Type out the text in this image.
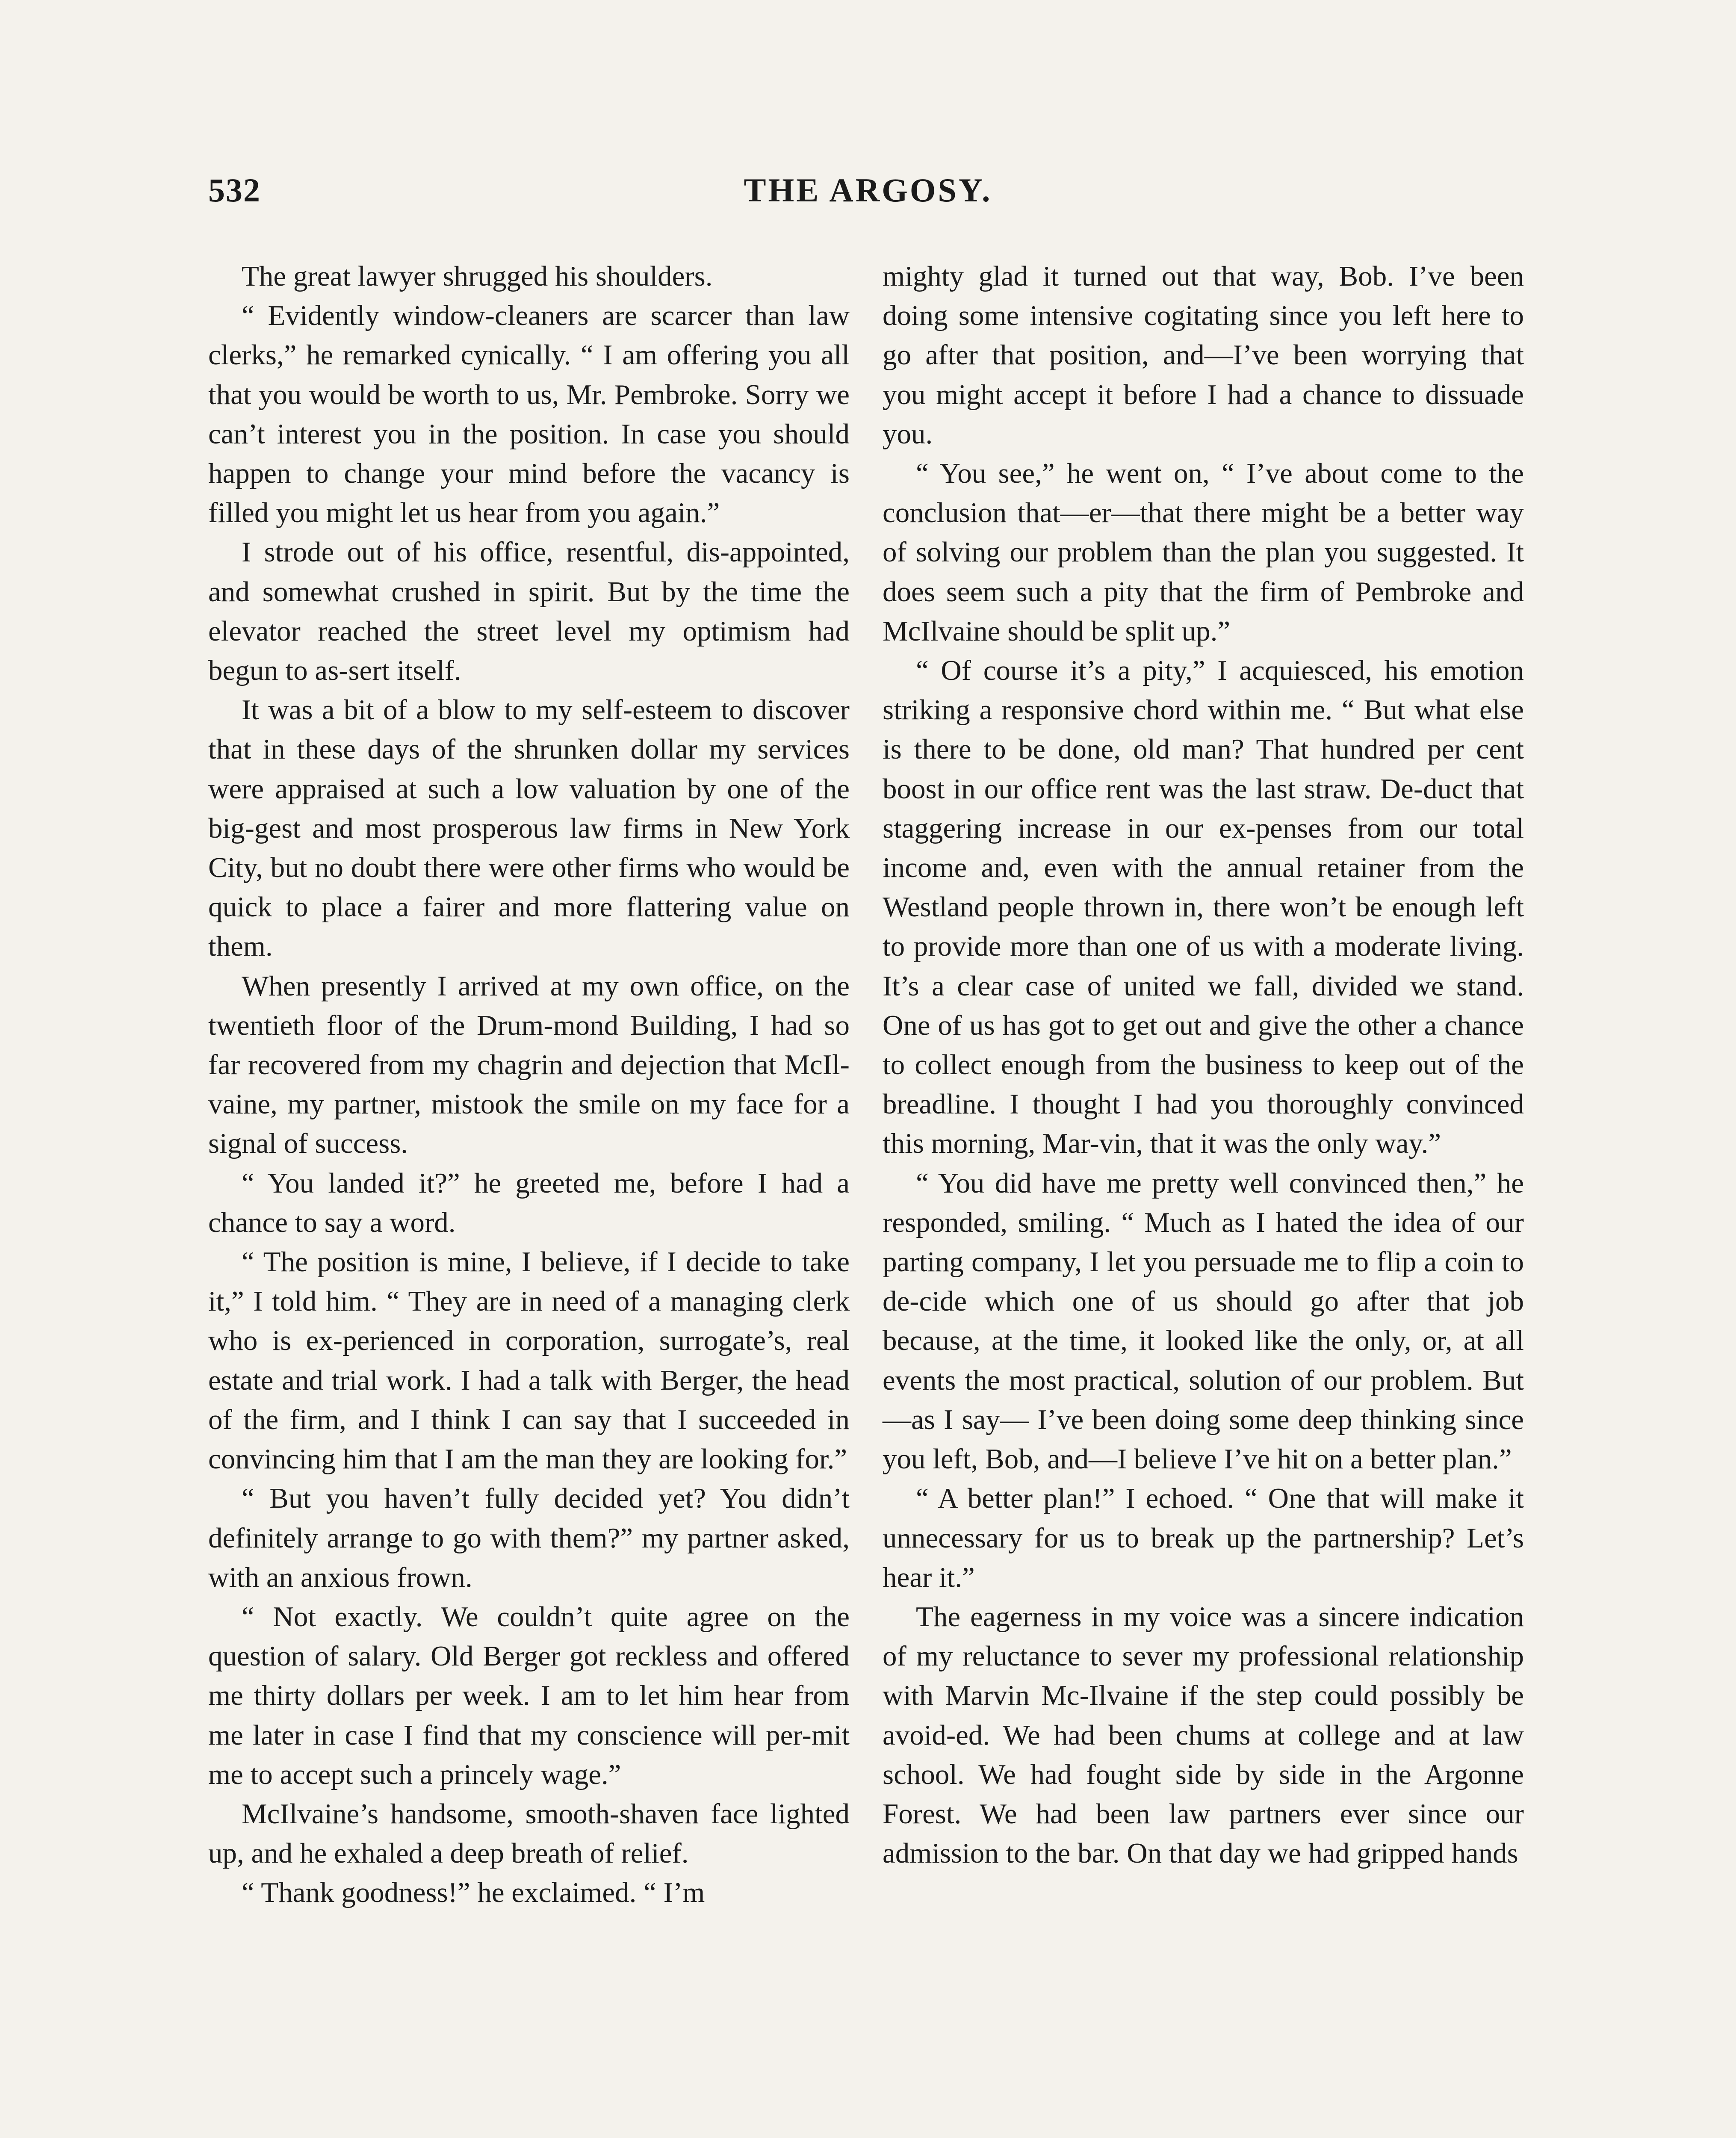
532	THE ARGOSY.

The great lawyer shrugged his shoulders.

“ Evidently window-cleaners are scarcer than law clerks,” he remarked cynically. “ I am offering you all that you would be worth to us, Mr. Pembroke. Sorry we can’t interest you in the position. In case you should happen to change your mind before the vacancy is filled you might let us hear from you again.”

I strode out of his office, resentful, dis-appointed, and somewhat crushed in spirit. But by the time the elevator reached the street level my optimism had begun to as-sert itself.

It was a bit of a blow to my self-esteem to discover that in these days of the shrunken dollar my services were appraised at such a low valuation by one of the big-gest and most prosperous law firms in New York City, but no doubt there were other firms who would be quick to place a fairer and more flattering value on them.

When presently I arrived at my own office, on the twentieth floor of the Drum-mond Building, I had so far recovered from my chagrin and dejection that McIl-vaine, my partner, mistook the smile on my face for a signal of success.

“ You landed it?” he greeted me, before I had a chance to say a word.

“ The position is mine, I believe, if I decide to take it,” I told him. “ They are in need of a managing clerk who is ex-perienced in corporation, surrogate’s, real estate and trial work. I had a talk with Berger, the head of the firm, and I think I can say that I succeeded in convincing him that I am the man they are looking for.”

“ But you haven’t fully decided yet? You didn’t definitely arrange to go with them?” my partner asked, with an anxious frown.

“ Not exactly. We couldn’t quite agree on the question of salary. Old Berger got reckless and offered me thirty dollars per week. I am to let him hear from me later in case I find that my conscience will per-mit me to accept such a princely wage.”

McIlvaine’s handsome, smooth-shaven face lighted up, and he exhaled a deep breath of relief.

“ Thank goodness!” he exclaimed. “ I’m

mighty glad it turned out that way, Bob. I’ve been doing some intensive cogitating since you left here to go after that position, and—I’ve been worrying that you might accept it before I had a chance to dissuade you.

“ You see,” he went on, “ I’ve about come to the conclusion that—er—that there might be a better way of solving our problem than the plan you suggested. It does seem such a pity that the firm of Pembroke and McIlvaine should be split up.”

“ Of course it’s a pity,” I acquiesced, his emotion striking a responsive chord within me. “ But what else is there to be done, old man? That hundred per cent boost in our office rent was the last straw. De-duct that staggering increase in our ex-penses from our total income and, even with the annual retainer from the Westland people thrown in, there won’t be enough left to provide more than one of us with a moderate living. It’s a clear case of united we fall, divided we stand. One of us has got to get out and give the other a chance to collect enough from the business to keep out of the breadline. I thought I had you thoroughly convinced this morning, Mar-vin, that it was the only way.”

“ You did have me pretty well convinced then,” he responded, smiling. “ Much as I hated the idea of our parting company, I let you persuade me to flip a coin to de-cide which one of us should go after that job because, at the time, it looked like the only, or, at all events the most practical, solution of our problem. But—as I say— I’ve been doing some deep thinking since you left, Bob, and—I believe I’ve hit on a better plan.”

“ A better plan!” I echoed. “ One that will make it unnecessary for us to break up the partnership? Let’s hear it.”

The eagerness in my voice was a sincere indication of my reluctance to sever my professional relationship with Marvin Mc-Ilvaine if the step could possibly be avoid-ed. We had been chums at college and at law school. We had fought side by side in the Argonne Forest. We had been law partners ever since our admission to the bar. On that day we had gripped hands
